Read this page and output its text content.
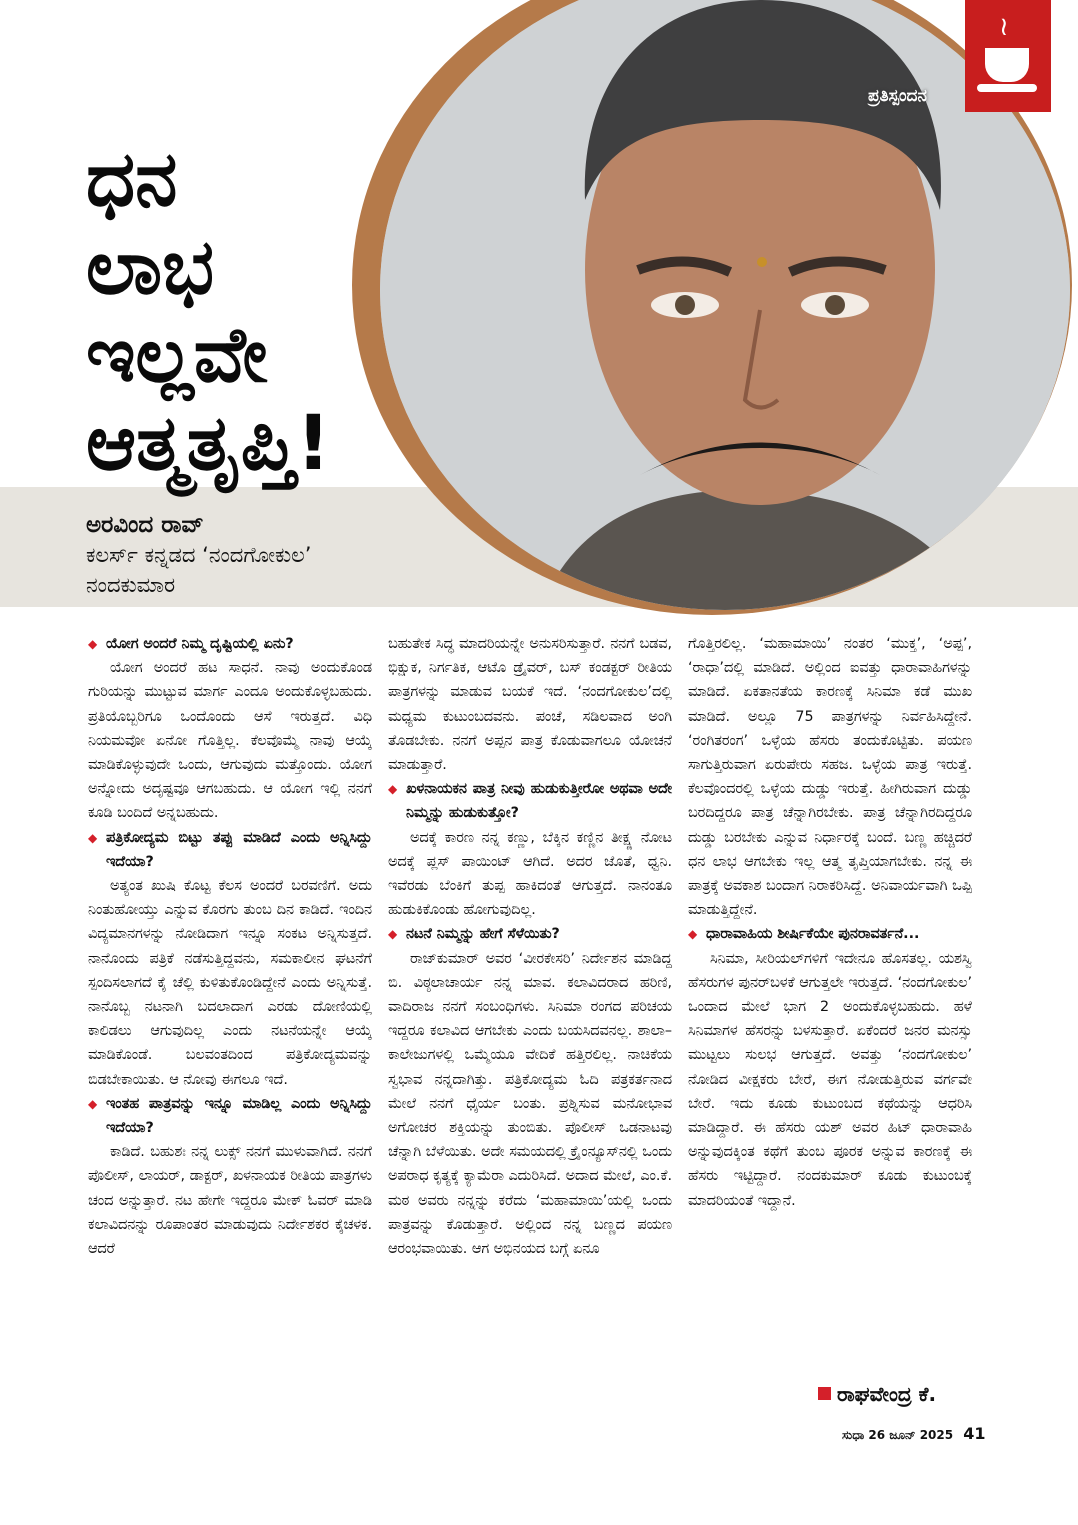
≀
ಪ್ರತಿಸ್ಪಂದನ
ಧನ
ಲಾಭ
ಇಲ್ಲವೇ
ಆತ್ಮತೃಪ್ತಿ!
ಅರವಿಂದ ರಾವ್
ಕಲರ್ಸ್ ಕನ್ನಡದ ‘ನಂದಗೋಕುಲ’
ನಂದಕುಮಾರ

◆ ಯೋಗ ಅಂದರೆ ನಿಮ್ಮ ದೃಷ್ಟಿಯಲ್ಲಿ ಏನು?

ಯೋಗ ಅಂದರೆ ಹಟ ಸಾಧನೆ. ನಾವು ಅಂದುಕೊಂಡ ಗುರಿಯನ್ನು ಮುಟ್ಟುವ ಮಾರ್ಗ ಎಂದೂ ಅಂದುಕೊಳ್ಳಬಹುದು. ಪ್ರತಿಯೊಬ್ಬರಿಗೂ ಒಂದೊಂದು ಆಸೆ ಇರುತ್ತದೆ. ವಿಧಿ ನಿಯಮವೋ ಏನೋ ಗೊತ್ತಿಲ್ಲ. ಕೆಲವೊಮ್ಮೆ ನಾವು ಆಯ್ಕೆ ಮಾಡಿಕೊಳ್ಳುವುದೇ ಒಂದು, ಆಗುವುದು ಮತ್ತೊಂದು. ಯೋಗ ಅನ್ನೋದು ಅದೃಷ್ಟವೂ ಆಗಬಹುದು. ಆ ಯೋಗ ಇಲ್ಲಿ ನನಗೆ ಕೂಡಿ ಬಂದಿದೆ ಅನ್ನಬಹುದು.

◆ ಪತ್ರಿಕೋದ್ಯಮ ಬಿಟ್ಟು ತಪ್ಪು ಮಾಡಿದೆ ಎಂದು ಅನ್ನಿಸಿದ್ದು ಇದೆಯಾ?

ಅತ್ಯಂತ ಖುಷಿ ಕೊಟ್ಟ ಕೆಲಸ ಅಂದರೆ ಬರವಣಿಗೆ. ಅದು ನಿಂತುಹೋಯ್ತು ಎನ್ನುವ ಕೊರಗು ತುಂಬ ದಿನ ಕಾಡಿದೆ. ಇಂದಿನ ವಿದ್ಯಮಾನಗಳನ್ನು ನೋಡಿದಾಗ ಇನ್ನೂ ಸಂಕಟ ಅನ್ನಿಸುತ್ತದೆ. ನಾನೊಂದು ಪತ್ರಿಕೆ ನಡೆಸುತ್ತಿದ್ದವನು, ಸಮಕಾಲೀನ ಘಟನೆಗೆ ಸ್ಪಂದಿಸಲಾಗದೆ ಕೈ ಚೆಲ್ಲಿ ಕುಳಿತುಕೊಂಡಿದ್ದೇನೆ ಎಂದು ಅನ್ನಿಸುತ್ತೆ. ನಾನೊಬ್ಬ ನಟನಾಗಿ ಬದಲಾದಾಗ ಎರಡು ದೋಣಿಯಲ್ಲಿ ಕಾಲಿಡಲು ಆಗುವುದಿಲ್ಲ ಎಂದು ನಟನೆಯನ್ನೇ ಆಯ್ಕೆ ಮಾಡಿಕೊಂಡೆ. ಬಲವಂತದಿಂದ ಪತ್ರಿಕೋದ್ಯಮವನ್ನು ಬಿಡಬೇಕಾಯಿತು. ಆ ನೋವು ಈಗಲೂ ಇದೆ.

◆ ಇಂತಹ ಪಾತ್ರವನ್ನು ಇನ್ನೂ ಮಾಡಿಲ್ಲ ಎಂದು ಅನ್ನಿಸಿದ್ದು ಇದೆಯಾ?

ಕಾಡಿದೆ. ಬಹುಶಃ ನನ್ನ ಲುಕ್ಸ್ ನನಗೆ ಮುಳುವಾಗಿದೆ. ನನಗೆ ಪೊಲೀಸ್, ಲಾಯರ್, ಡಾಕ್ಟರ್, ಖಳನಾಯಕ ರೀತಿಯ ಪಾತ್ರಗಳು ಚಂದ ಅನ್ನುತ್ತಾರೆ. ನಟ ಹೇಗೇ ಇದ್ದರೂ ಮೇಕ್ ಓವರ್ ಮಾಡಿ ಕಲಾವಿದನನ್ನು ರೂಪಾಂತರ ಮಾಡುವುದು ನಿರ್ದೇಶಕರ ಕೈಚಳಕ. ಆದರೆ

ಬಹುತೇಕ ಸಿದ್ಧ ಮಾದರಿಯನ್ನೇ ಅನುಸರಿಸುತ್ತಾರೆ. ನನಗೆ ಬಡವ, ಭಿಕ್ಷುಕ, ನಿರ್ಗತಿಕ, ಆಟೊ ಡ್ರೈವರ್, ಬಸ್ ಕಂಡಕ್ಟರ್ ರೀತಿಯ ಪಾತ್ರಗಳನ್ನು ಮಾಡುವ ಬಯಕೆ ಇದೆ. ‘ನಂದಗೋಕುಲ’ದಲ್ಲಿ ಮಧ್ಯಮ ಕುಟುಂಬದವನು. ಪಂಚೆ, ಸಡಿಲವಾದ ಅಂಗಿ ತೊಡಬೇಕು. ನನಗೆ ಅಪ್ಪನ ಪಾತ್ರ ಕೊಡುವಾಗಲೂ ಯೋಚನೆ ಮಾಡುತ್ತಾರೆ.

◆ ಖಳನಾಯಕನ ಪಾತ್ರ ನೀವು ಹುಡುಕುತ್ತೀರೋ ಅಥವಾ ಅದೇ ನಿಮ್ಮನ್ನು ಹುಡುಕುತ್ತೋ?

ಅದಕ್ಕೆ ಕಾರಣ ನನ್ನ ಕಣ್ಣು, ಬೆಕ್ಕಿನ ಕಣ್ಣಿನ ತೀಕ್ಷ್ಣ ನೋಟ ಅದಕ್ಕೆ ಪ್ಲಸ್ ಪಾಯಿಂಟ್ ಆಗಿದೆ. ಅದರ ಜೊತೆ, ಧ್ವನಿ. ಇವೆರಡು ಬೆಂಕಿಗೆ ತುಪ್ಪ ಹಾಕಿದಂತೆ ಆಗುತ್ತದೆ. ನಾನಂತೂ ಹುಡುಕಿಕೊಂಡು ಹೋಗುವುದಿಲ್ಲ.

◆ ನಟನೆ ನಿಮ್ಮನ್ನು ಹೇಗೆ ಸೆಳೆಯಿತು?

ರಾಜ್‌ಕುಮಾರ್ ಅವರ ‘ವೀರಕೇಸರಿ’ ನಿರ್ದೇಶನ ಮಾಡಿದ್ದ ಬಿ. ವಿಠ್ಠಲಾಚಾರ್ಯ ನನ್ನ ಮಾವ. ಕಲಾವಿದರಾದ ಹರಿಣಿ, ವಾದಿರಾಜ ನನಗೆ ಸಂಬಂಧಿಗಳು. ಸಿನಿಮಾ ರಂಗದ ಪರಿಚಯ ಇದ್ದರೂ ಕಲಾವಿದ ಆಗಬೇಕು ಎಂದು ಬಯಸಿದವನಲ್ಲ. ಶಾಲಾ–ಕಾಲೇಜುಗಳಲ್ಲಿ ಒಮ್ಮೆಯೂ ವೇದಿಕೆ ಹತ್ತಿರಲಿಲ್ಲ. ನಾಚಿಕೆಯ ಸ್ವಭಾವ ನನ್ನದಾಗಿತ್ತು. ಪತ್ರಿಕೋದ್ಯಮ ಓದಿ ಪತ್ರಕರ್ತನಾದ ಮೇಲೆ ನನಗೆ ಧೈರ್ಯ ಬಂತು. ಪ್ರಶ್ನಿಸುವ ಮನೋಭಾವ ಅಗೋಚರ ಶಕ್ತಿಯನ್ನು ತುಂಬಿತು. ಪೊಲೀಸ್ ಒಡನಾಟವು ಚೆನ್ನಾಗಿ ಬೆಳೆಯಿತು. ಅದೇ ಸಮಯದಲ್ಲಿ ಕ್ರೈಂನ್ಯೂಸ್‌ನಲ್ಲಿ ಒಂದು ಅಪರಾಧ ಕೃತ್ಯಕ್ಕೆ ಕ್ಯಾಮೆರಾ ಎದುರಿಸಿದೆ. ಅದಾದ ಮೇಲೆ, ಎಂ.ಕೆ. ಮಠ ಅವರು ನನ್ನನ್ನು ಕರೆದು ‘ಮಹಾಮಾಯಿ’ಯಲ್ಲಿ ಒಂದು ಪಾತ್ರವನ್ನು ಕೊಡುತ್ತಾರೆ. ಅಲ್ಲಿಂದ ನನ್ನ ಬಣ್ಣದ ಪಯಣ ಆರಂಭವಾಯಿತು. ಆಗ ಅಭಿನಯದ ಬಗ್ಗೆ ಏನೂ

ಗೊತ್ತಿರಲಿಲ್ಲ. ‘ಮಹಾಮಾಯಿ’ ನಂತರ ‘ಮುಕ್ತ’, ‘ಅಪ್ಪ’, ‘ರಾಧಾ’ದಲ್ಲಿ ಮಾಡಿದೆ. ಅಲ್ಲಿಂದ ಐವತ್ತು ಧಾರಾವಾಹಿಗಳನ್ನು ಮಾಡಿದೆ. ಏಕತಾನತೆಯ ಕಾರಣಕ್ಕೆ ಸಿನಿಮಾ ಕಡೆ ಮುಖ ಮಾಡಿದೆ. ಅಲ್ಲೂ 75 ಪಾತ್ರಗಳನ್ನು ನಿರ್ವಹಿಸಿದ್ದೇನೆ. ‘ರಂಗಿತರಂಗ’ ಒಳ್ಳೆಯ ಹೆಸರು ತಂದುಕೊಟ್ಟಿತು. ಪಯಣ ಸಾಗುತ್ತಿರುವಾಗ ಏರುಪೇರು ಸಹಜ. ಒಳ್ಳೆಯ ಪಾತ್ರ ಇರುತ್ತೆ. ಕೆಲವೊಂದರಲ್ಲಿ ಒಳ್ಳೆಯ ದುಡ್ಡು ಇರುತ್ತೆ. ಹೀಗಿರುವಾಗ ದುಡ್ಡು ಬರದಿದ್ದರೂ ಪಾತ್ರ ಚೆನ್ನಾಗಿರಬೇಕು. ಪಾತ್ರ ಚೆನ್ನಾಗಿರದಿದ್ದರೂ ದುಡ್ಡು ಬರಬೇಕು ಎನ್ನುವ ನಿರ್ಧಾರಕ್ಕೆ ಬಂದೆ. ಬಣ್ಣ ಹಚ್ಚಿದರೆ ಧನ ಲಾಭ ಆಗಬೇಕು ಇಲ್ಲ ಆತ್ಮ ತೃಪ್ತಿಯಾಗಬೇಕು. ನನ್ನ ಈ ಪಾತ್ರಕ್ಕೆ ಅವಕಾಶ ಬಂದಾಗ ನಿರಾಕರಿಸಿದ್ದೆ. ಅನಿವಾರ್ಯವಾಗಿ ಒಪ್ಪಿ ಮಾಡುತ್ತಿದ್ದೇನೆ.

◆ ಧಾರಾವಾಹಿಯ ಶೀರ್ಷಿಕೆಯೇ ಪುನರಾವರ್ತನೆ...

ಸಿನಿಮಾ, ಸೀರಿಯಲ್‌ಗಳಿಗೆ ಇದೇನೂ ಹೊಸತಲ್ಲ. ಯಶಸ್ವಿ ಹೆಸರುಗಳ ಪುನರ್‌ಬಳಕೆ ಆಗುತ್ತಲೇ ಇರುತ್ತದೆ. ‘ನಂದಗೋಕುಲ’ ಒಂದಾದ ಮೇಲೆ ಭಾಗ 2 ಅಂದುಕೊಳ್ಳಬಹುದು. ಹಳೆ ಸಿನಿಮಾಗಳ ಹೆಸರನ್ನು ಬಳಸುತ್ತಾರೆ. ಏಕೆಂದರೆ ಜನರ ಮನಸ್ಸು ಮುಟ್ಟಲು ಸುಲಭ ಆಗುತ್ತದೆ. ಅವತ್ತು ‘ನಂದಗೋಕುಲ’ ನೋಡಿದ ವೀಕ್ಷಕರು ಬೇರೆ, ಈಗ ನೋಡುತ್ತಿರುವ ವರ್ಗವೇ ಬೇರೆ. ಇದು ಕೂಡು ಕುಟುಂಬದ ಕಥೆಯನ್ನು ಆಧರಿಸಿ ಮಾಡಿದ್ದಾರೆ. ಈ ಹೆಸರು ಯಶ್ ಅವರ ಹಿಟ್ ಧಾರಾವಾಹಿ ಅನ್ನುವುದಕ್ಕಿಂತ ಕಥೆಗೆ ತುಂಬ ಪೂರಕ ಅನ್ನುವ ಕಾರಣಕ್ಕೆ ಈ ಹೆಸರು ಇಟ್ಟಿದ್ದಾರೆ. ನಂದಕುಮಾರ್ ಕೂಡು ಕುಟುಂಬಕ್ಕೆ ಮಾದರಿಯಂತೆ ಇದ್ದಾನೆ.

ರಾಘವೇಂದ್ರ ಕೆ.
ಸುಧಾ 26 ಜೂನ್ 2025 41
